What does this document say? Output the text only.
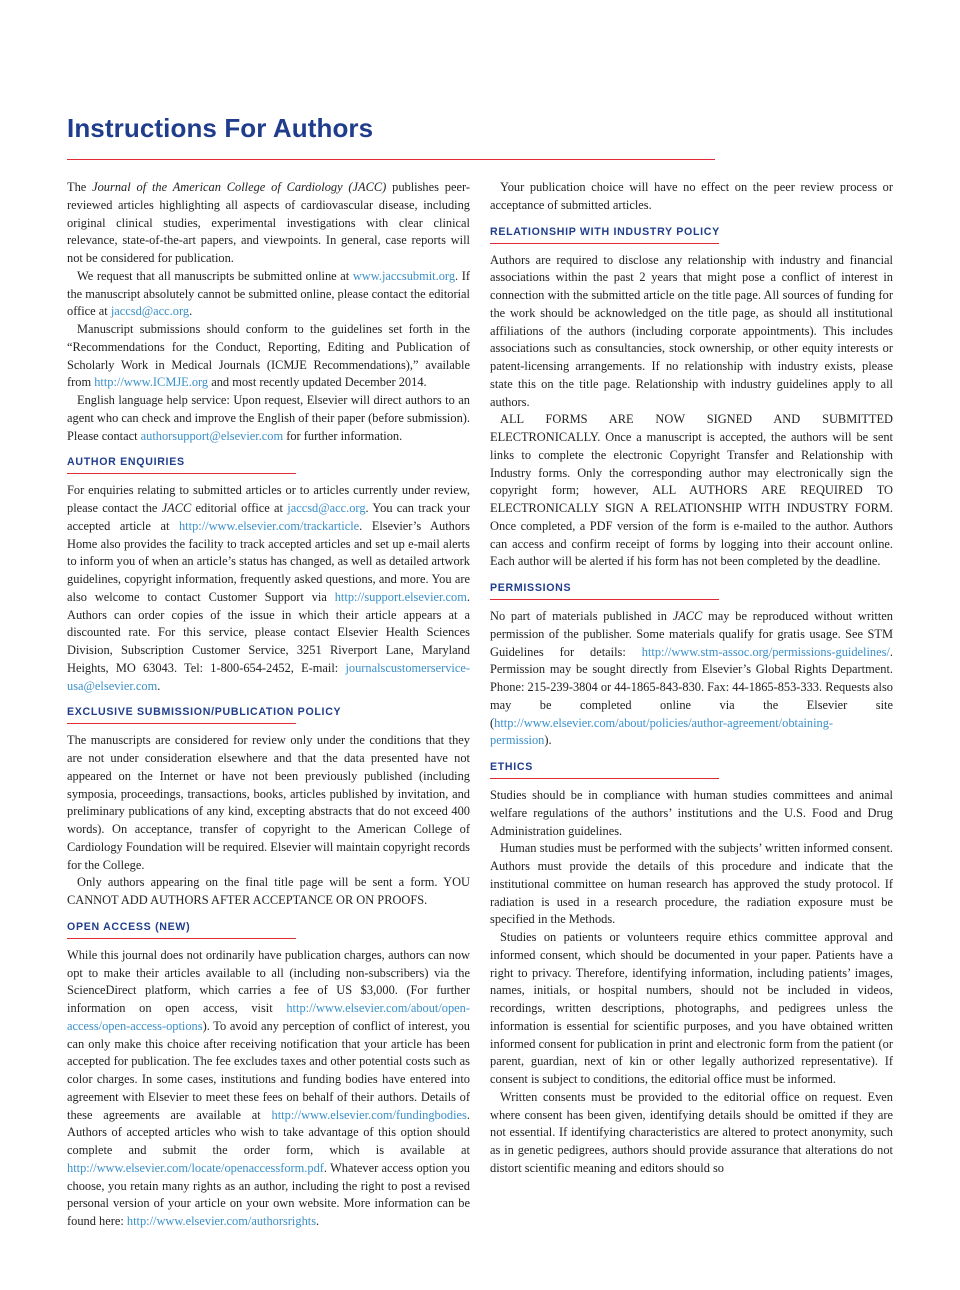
Instructions For Authors

The Journal of the American College of Cardiology (JACC) publishes peer-reviewed articles highlighting all aspects of cardiovascular disease, including original clinical studies, experimental investigations with clear clinical relevance, state-of-the-art papers, and viewpoints. In general, case reports will not be considered for publication.

We request that all manuscripts be submitted online at www.jaccsubmit.org. If the manuscript absolutely cannot be submitted online, please contact the editorial office at jaccsd@acc.org.

Manuscript submissions should conform to the guidelines set forth in the “Recommendations for the Conduct, Reporting, Editing and Publication of Scholarly Work in Medical Journals (ICMJE Recommendations),” available from http://www.ICMJE.org and most recently updated December 2014.

English language help service: Upon request, Elsevier will direct authors to an agent who can check and improve the English of their paper (before submission). Please contact authorsupport@elsevier.com for further information.

AUTHOR ENQUIRIES

For enquiries relating to submitted articles or to articles currently under review, please contact the JACC editorial office at jaccsd@acc.org. You can track your accepted article at http://www.elsevier.com/trackarticle. Elsevier’s Authors Home also provides the facility to track accepted articles and set up e-mail alerts to inform you of when an article’s status has changed, as well as detailed artwork guidelines, copyright information, frequently asked questions, and more. You are also welcome to contact Customer Support via http://support.elsevier.com. Authors can order copies of the issue in which their article appears at a discounted rate. For this service, please contact Elsevier Health Sciences Division, Subscription Customer Service, 3251 Riverport Lane, Maryland Heights, MO 63043. Tel: 1-800-654-2452, E-mail: journalscustomerservice-usa@elsevier.com.

EXCLUSIVE SUBMISSION/PUBLICATION POLICY

The manuscripts are considered for review only under the conditions that they are not under consideration elsewhere and that the data presented have not appeared on the Internet or have not been previously published (including symposia, proceedings, transactions, books, articles published by invitation, and preliminary publications of any kind, excepting abstracts that do not exceed 400 words). On acceptance, transfer of copyright to the American College of Cardiology Foundation will be required. Elsevier will maintain copyright records for the College.

Only authors appearing on the final title page will be sent a form. YOU CANNOT ADD AUTHORS AFTER ACCEPTANCE OR ON PROOFS.

OPEN ACCESS (NEW)

While this journal does not ordinarily have publication charges, authors can now opt to make their articles available to all (including non-subscribers) via the ScienceDirect platform, which carries a fee of US $3,000. (For further information on open access, visit http://www.elsevier.com/about/open-access/open-access-options). To avoid any perception of conflict of interest, you can only make this choice after receiving notification that your article has been accepted for publication. The fee excludes taxes and other potential costs such as color charges. In some cases, institutions and funding bodies have entered into agreement with Elsevier to meet these fees on behalf of their authors. Details of these agreements are available at http://www.elsevier.com/fundingbodies. Authors of accepted articles who wish to take advantage of this option should complete and submit the order form, which is available at http://www.elsevier.com/locate/openaccessform.pdf. Whatever access option you choose, you retain many rights as an author, including the right to post a revised personal version of your article on your own website. More information can be found here: http://www.elsevier.com/authorsrights.

Your publication choice will have no effect on the peer review process or acceptance of submitted articles.

RELATIONSHIP WITH INDUSTRY POLICY

Authors are required to disclose any relationship with industry and financial associations within the past 2 years that might pose a conflict of interest in connection with the submitted article on the title page. All sources of funding for the work should be acknowledged on the title page, as should all institutional affiliations of the authors (including corporate appointments). This includes associations such as consultancies, stock ownership, or other equity interests or patent-licensing arrangements. If no relationship with industry exists, please state this on the title page. Relationship with industry guidelines apply to all authors.

ALL FORMS ARE NOW SIGNED AND SUBMITTED ELECTRONICALLY. Once a manuscript is accepted, the authors will be sent links to complete the electronic Copyright Transfer and Relationship with Industry forms. Only the corresponding author may electronically sign the copyright form; however, ALL AUTHORS ARE REQUIRED TO ELECTRONICALLY SIGN A RELATIONSHIP WITH INDUSTRY FORM. Once completed, a PDF version of the form is e-mailed to the author. Authors can access and confirm receipt of forms by logging into their account online. Each author will be alerted if his form has not been completed by the deadline.

PERMISSIONS

No part of materials published in JACC may be reproduced without written permission of the publisher. Some materials qualify for gratis usage. See STM Guidelines for details: http://www.stm-assoc.org/permissions-guidelines/. Permission may be sought directly from Elsevier’s Global Rights Department. Phone: 215-239-3804 or 44-1865-843-830. Fax: 44-1865-853-333. Requests also may be completed online via the Elsevier site (http://www.elsevier.com/about/policies/author-agreement/obtaining-permission).

ETHICS

Studies should be in compliance with human studies committees and animal welfare regulations of the authors’ institutions and the U.S. Food and Drug Administration guidelines.

Human studies must be performed with the subjects’ written informed consent. Authors must provide the details of this procedure and indicate that the institutional committee on human research has approved the study protocol. If radiation is used in a research procedure, the radiation exposure must be specified in the Methods.

Studies on patients or volunteers require ethics committee approval and informed consent, which should be documented in your paper. Patients have a right to privacy. Therefore, identifying information, including patients’ images, names, initials, or hospital numbers, should not be included in videos, recordings, written descriptions, photographs, and pedigrees unless the information is essential for scientific purposes, and you have obtained written informed consent for publication in print and electronic form from the patient (or parent, guardian, next of kin or other legally authorized representative). If consent is subject to conditions, the editorial office must be informed.

Written consents must be provided to the editorial office on request. Even where consent has been given, identifying details should be omitted if they are not essential. If identifying characteristics are altered to protect anonymity, such as in genetic pedigrees, authors should provide assurance that alterations do not distort scientific meaning and editors should so
